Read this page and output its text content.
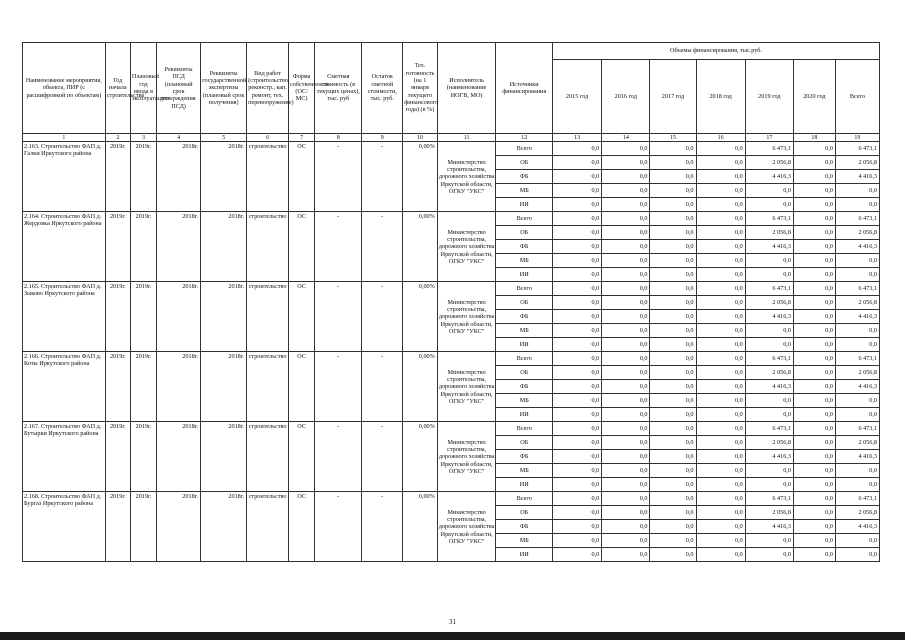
Наименование мероприятия, объекта, ПИР (с расшифровкой по объектам)	Год начала строительства	Плановый год ввода в эксплуатацию	Реквизиты ПСД (плановый срок утверждения ПСД)	Реквизиты государственной экспертизы (плановый срок получения)	Вид работ (строительство, реконстр., кап. ремонт, тех. перевооружение)	Форма собственности (ОС/МС)	Сметная стоимость (в текущих ценах), тыс. руб	Остаток сметной стоимости, тыс. руб.	Тех. готовность (на 1 января текущего финансового года) (в %)	Исполнитель (наименование ИОГВ, МО)	Источники финансирования	Объемы финансирования, тыс.руб.						
												2015 год	2016 год	2017 год	2018 год	2019 год	2020 год	Всего
1	2	3	4	5	6	7	8	9	10	11	12	13	14	15	16	17	18	19
2.163. Строительство ФАП д. Галки Иркутского района	2019г.	2019г.	2018г.	2018г.	строительство	ОС	-	-	0,00%	Министерство строительства, дорожного хозяйства Иркутской области, ОГКУ "УКС"	Всего	0,0	0,0	0,0	0,0	6 473,1	0,0	6 473,1
											ОБ	0,0	0,0	0,0	0,0	2 056,8	0,0	2 056,8
											ФБ	0,0	0,0	0,0	0,0	4 416,3	0,0	4 416,3
											МБ	0,0	0,0	0,0	0,0	0,0	0,0	0,0
											ИИ	0,0	0,0	0,0	0,0	0,0	0,0	0,0
2.164. Строительство ФАП д. Жердовка Иркутского района	2019г.	2019г.	2018г.	2018г.	строительство	ОС	-	-	0,00%	Министерство строительства, дорожного хозяйства Иркутской области, ОГКУ "УКС"	Всего	0,0	0,0	0,0	0,0	6 473,1	0,0	6 473,1
											ОБ	0,0	0,0	0,0	0,0	2 056,8	0,0	2 056,8
											ФБ	0,0	0,0	0,0	0,0	4 416,3	0,0	4 416,3
											МБ	0,0	0,0	0,0	0,0	0,0	0,0	0,0
											ИИ	0,0	0,0	0,0	0,0	0,0	0,0	0,0
2.165. Строительство ФАП д. Зыково Иркутского района	2019г.	2019г.	2018г.	2018г.	строительство	ОС	-	-	0,00%	Министерство строительства, дорожного хозяйства Иркутской области, ОГКУ "УКС"	Всего	0,0	0,0	0,0	0,0	6 473,1	0,0	6 473,1
											ОБ	0,0	0,0	0,0	0,0	2 056,8	0,0	2 056,8
											ФБ	0,0	0,0	0,0	0,0	4 416,3	0,0	4 416,3
											МБ	0,0	0,0	0,0	0,0	0,0	0,0	0,0
											ИИ	0,0	0,0	0,0	0,0	0,0	0,0	0,0
2.166. Строительство ФАП д. Коты Иркутского района	2019г.	2019г.	2018г.	2018г.	строительство	ОС	-	-	0,00%	Министерство строительства, дорожного хозяйства Иркутской области, ОГКУ "УКС"	Всего	0,0	0,0	0,0	0,0	6 473,1	0,0	6 473,1
											ОБ	0,0	0,0	0,0	0,0	2 056,8	0,0	2 056,8
											ФБ	0,0	0,0	0,0	0,0	4 416,3	0,0	4 416,3
											МБ	0,0	0,0	0,0	0,0	0,0	0,0	0,0
											ИИ	0,0	0,0	0,0	0,0	0,0	0,0	0,0
2.167. Строительство ФАП д. Бутырки Иркутского района	2019г.	2019г.	2018г.	2018г.	строительство	ОС	-	-	0,00%	Министерство строительства, дорожного хозяйства Иркутской области, ОГКУ "УКС"	Всего	0,0	0,0	0,0	0,0	6 473,1	0,0	6 473,1
											ОБ	0,0	0,0	0,0	0,0	2 056,8	0,0	2 056,8
											ФБ	0,0	0,0	0,0	0,0	4 416,3	0,0	4 416,3
											МБ	0,0	0,0	0,0	0,0	0,0	0,0	0,0
											ИИ	0,0	0,0	0,0	0,0	0,0	0,0	0,0
2.168. Строительство ФАП д. Бургаз Иркутского района	2019г.	2019г.	2018г.	2018г.	строительство	ОС	-	-	0,00%	Министерство строительства, дорожного хозяйства Иркутской области, ОГКУ "УКС"	Всего	0,0	0,0	0,0	0,0	6 473,1	0,0	6 473,1
											ОБ	0,0	0,0	0,0	0,0	2 056,8	0,0	2 056,8
											ФБ	0,0	0,0	0,0	0,0	4 416,3	0,0	4 416,3
											МБ	0,0	0,0	0,0	0,0	0,0	0,0	0,0
											ИИ	0,0	0,0	0,0	0,0	0,0	0,0	0,0
31
